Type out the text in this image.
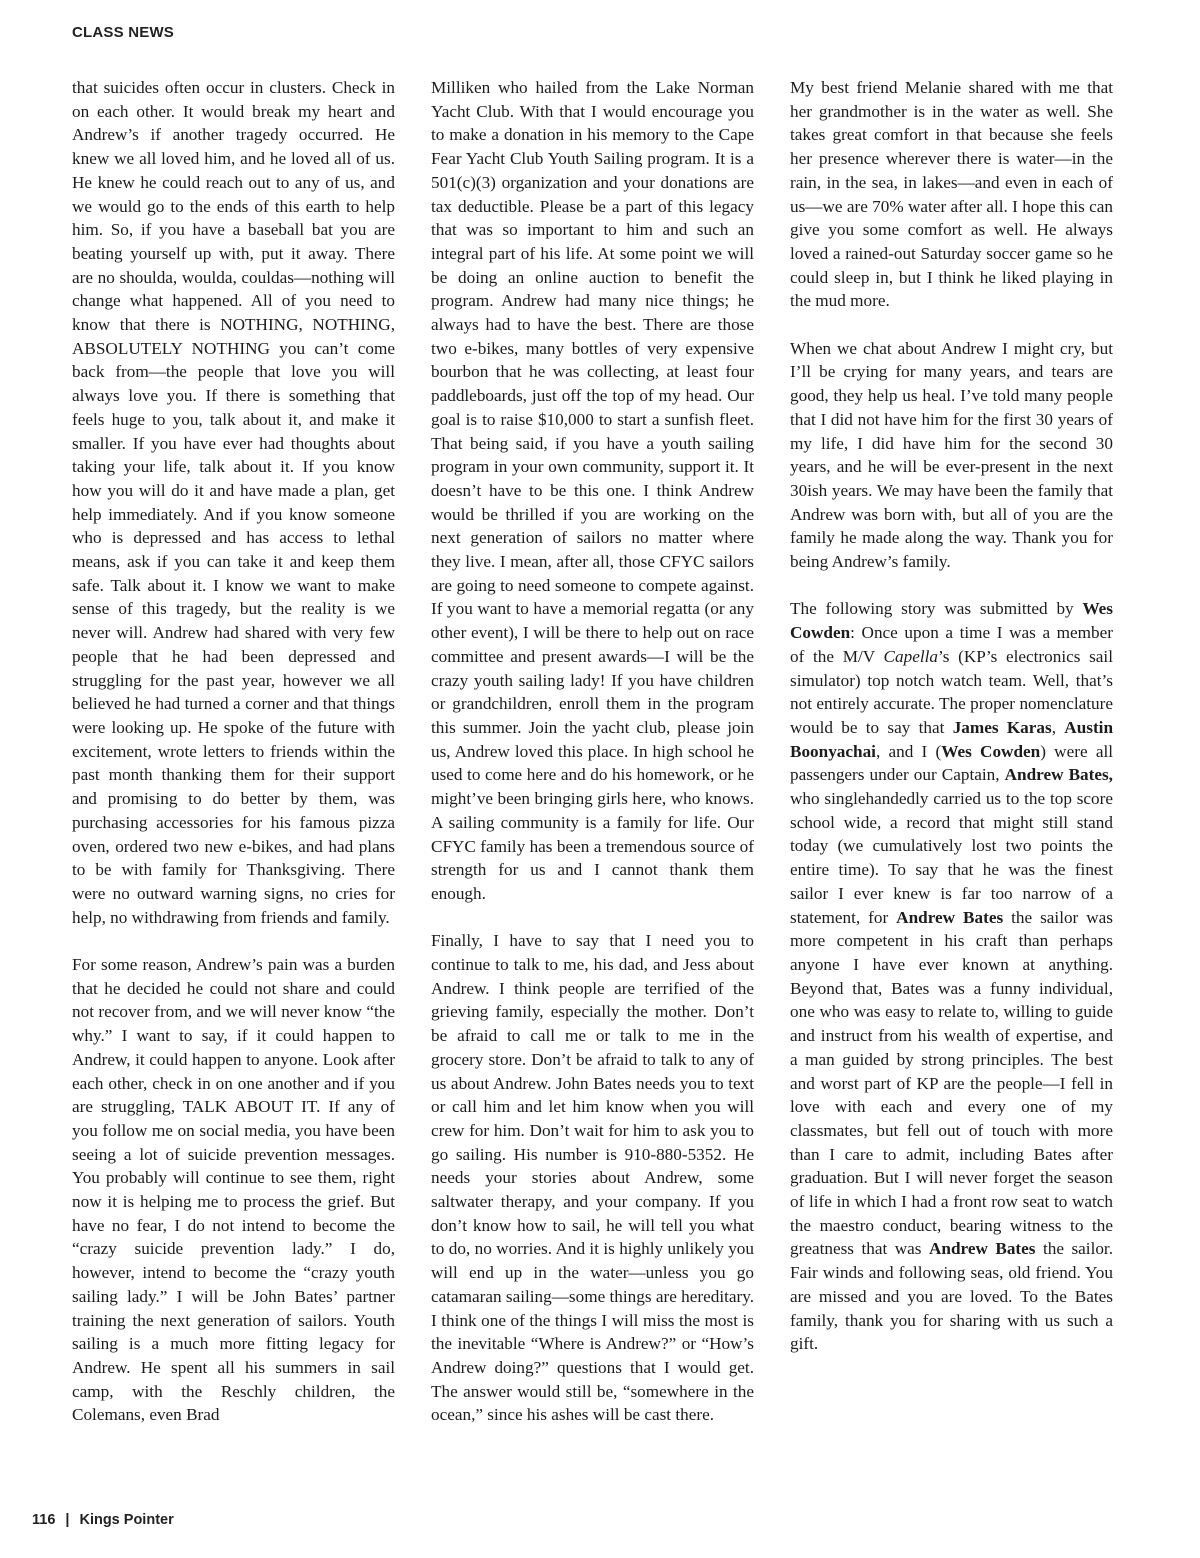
CLASS NEWS

that suicides often occur in clusters. Check in on each other. It would break my heart and Andrew’s if another tragedy occurred. He knew we all loved him, and he loved all of us. He knew he could reach out to any of us, and we would go to the ends of this earth to help him. So, if you have a baseball bat you are beating yourself up with, put it away. There are no shoulda, woulda, couldas—nothing will change what happened. All of you need to know that there is NOTHING, NOTHING, ABSOLUTELY NOTHING you can’t come back from—the people that love you will always love you. If there is something that feels huge to you, talk about it, and make it smaller. If you have ever had thoughts about taking your life, talk about it. If you know how you will do it and have made a plan, get help immediately. And if you know someone who is depressed and has access to lethal means, ask if you can take it and keep them safe. Talk about it. I know we want to make sense of this tragedy, but the reality is we never will. Andrew had shared with very few people that he had been depressed and struggling for the past year, however we all believed he had turned a corner and that things were looking up. He spoke of the future with excitement, wrote letters to friends within the past month thanking them for their support and promising to do better by them, was purchasing accessories for his famous pizza oven, ordered two new e-bikes, and had plans to be with family for Thanksgiving. There were no outward warning signs, no cries for help, no withdrawing from friends and family.

For some reason, Andrew’s pain was a burden that he decided he could not share and could not recover from, and we will never know “the why.” I want to say, if it could happen to Andrew, it could happen to anyone. Look after each other, check in on one another and if you are struggling, TALK ABOUT IT. If any of you follow me on social media, you have been seeing a lot of suicide prevention messages. You probably will continue to see them, right now it is helping me to process the grief. But have no fear, I do not intend to become the “crazy suicide prevention lady.” I do, however, intend to become the “crazy youth sailing lady.” I will be John Bates’ partner training the next generation of sailors. Youth sailing is a much more fitting legacy for Andrew. He spent all his summers in sail camp, with the Reschly children, the Colemans, even Brad

Milliken who hailed from the Lake Norman Yacht Club. With that I would encourage you to make a donation in his memory to the Cape Fear Yacht Club Youth Sailing program. It is a 501(c)(3) organization and your donations are tax deductible. Please be a part of this legacy that was so important to him and such an integral part of his life. At some point we will be doing an online auction to benefit the program. Andrew had many nice things; he always had to have the best. There are those two e-bikes, many bottles of very expensive bourbon that he was collecting, at least four paddleboards, just off the top of my head. Our goal is to raise $10,000 to start a sunfish fleet. That being said, if you have a youth sailing program in your own community, support it. It doesn’t have to be this one. I think Andrew would be thrilled if you are working on the next generation of sailors no matter where they live. I mean, after all, those CFYC sailors are going to need someone to compete against. If you want to have a memorial regatta (or any other event), I will be there to help out on race committee and present awards—I will be the crazy youth sailing lady! If you have children or grandchildren, enroll them in the program this summer. Join the yacht club, please join us, Andrew loved this place. In high school he used to come here and do his homework, or he might’ve been bringing girls here, who knows. A sailing community is a family for life. Our CFYC family has been a tremendous source of strength for us and I cannot thank them enough.

Finally, I have to say that I need you to continue to talk to me, his dad, and Jess about Andrew. I think people are terrified of the grieving family, especially the mother. Don’t be afraid to call me or talk to me in the grocery store. Don’t be afraid to talk to any of us about Andrew. John Bates needs you to text or call him and let him know when you will crew for him. Don’t wait for him to ask you to go sailing. His number is 910-880-5352. He needs your stories about Andrew, some saltwater therapy, and your company. If you don’t know how to sail, he will tell you what to do, no worries. And it is highly unlikely you will end up in the water—unless you go catamaran sailing—some things are hereditary. I think one of the things I will miss the most is the inevitable “Where is Andrew?” or “How’s Andrew doing?” questions that I would get. The answer would still be, “somewhere in the ocean,” since his ashes will be cast there.

My best friend Melanie shared with me that her grandmother is in the water as well. She takes great comfort in that because she feels her presence wherever there is water—in the rain, in the sea, in lakes—and even in each of us—we are 70% water after all. I hope this can give you some comfort as well. He always loved a rained-out Saturday soccer game so he could sleep in, but I think he liked playing in the mud more.

When we chat about Andrew I might cry, but I’ll be crying for many years, and tears are good, they help us heal. I’ve told many people that I did not have him for the first 30 years of my life, I did have him for the second 30 years, and he will be ever-present in the next 30ish years. We may have been the family that Andrew was born with, but all of you are the family he made along the way. Thank you for being Andrew’s family.

The following story was submitted by Wes Cowden: Once upon a time I was a member of the M/V Capella’s (KP’s electronics sail simulator) top notch watch team. Well, that’s not entirely accurate. The proper nomenclature would be to say that James Karas, Austin Boonyachai, and I (Wes Cowden) were all passengers under our Captain, Andrew Bates, who singlehandedly carried us to the top score school wide, a record that might still stand today (we cumulatively lost two points the entire time). To say that he was the finest sailor I ever knew is far too narrow of a statement, for Andrew Bates the sailor was more competent in his craft than perhaps anyone I have ever known at anything. Beyond that, Bates was a funny individual, one who was easy to relate to, willing to guide and instruct from his wealth of expertise, and a man guided by strong principles. The best and worst part of KP are the people—I fell in love with each and every one of my classmates, but fell out of touch with more than I care to admit, including Bates after graduation. But I will never forget the season of life in which I had a front row seat to watch the maestro conduct, bearing witness to the greatness that was Andrew Bates the sailor. Fair winds and following seas, old friend. You are missed and you are loved. To the Bates family, thank you for sharing with us such a gift.

116 | Kings Pointer
